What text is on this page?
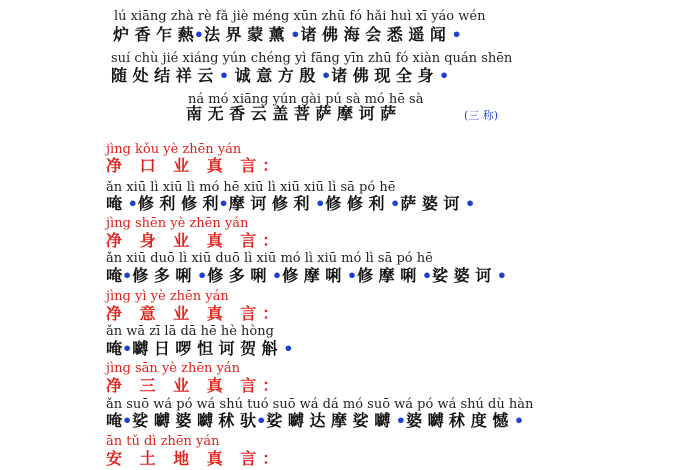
lú xiāng zhà rè fǎ jiè méng xūn zhū fó hǎi huì xī yáo wén
炉 香 乍 爇•法 界 蒙 薰 •诸 佛 海 会 悉 遥 闻 •
suí chù jié xiáng yún chéng yì fāng yīn zhū fó xiàn quán shēn
随 处 结 祥 云 • 诚 意 方 殷 •诸 佛 现 全 身 •
ná mó xiāng yún gài pú sà mó hē sà
南 无 香 云 盖 菩 萨 摩 诃 萨	(三 称)
jìng kǒu yè zhēn yán
净 口 业 真 言：
ǎn xiū lì xiū lì mó hē xiū lì xiū xiū lì sā pó hē
唵 •修 利 修 利•摩 诃 修 利 •修 修 利 •萨 婆 诃 •
jìng shēn yè zhēn yán
净 身 业 真 言：
ǎn xiū duō lì xiū duō lì xiū mó lì xiū mó lì sā pó hē
唵•修 多 唎 •修 多 唎 •修 摩 唎 •修 摩 唎 •娑 婆 诃 •
jìng yì yè zhēn yán
净 意 业 真 言：
ǎn wā zī lā dā hē hè hòng
唵•嚩 日 啰 怛 诃 贺 斛 •
jìng sān yè zhēn yán
净 三 业 真 言：
ǎn suō wá pó wá shú tuó suō wá dá mó suō wá pó wá shú dù hàn
唵•娑 嚩 婆 嚩 秫 驮•娑 嚩 达 摩 娑 嚩 •婆 嚩 秫 度 憾 •
ān tǔ dì zhēn yán
安 土 地 真 言：
